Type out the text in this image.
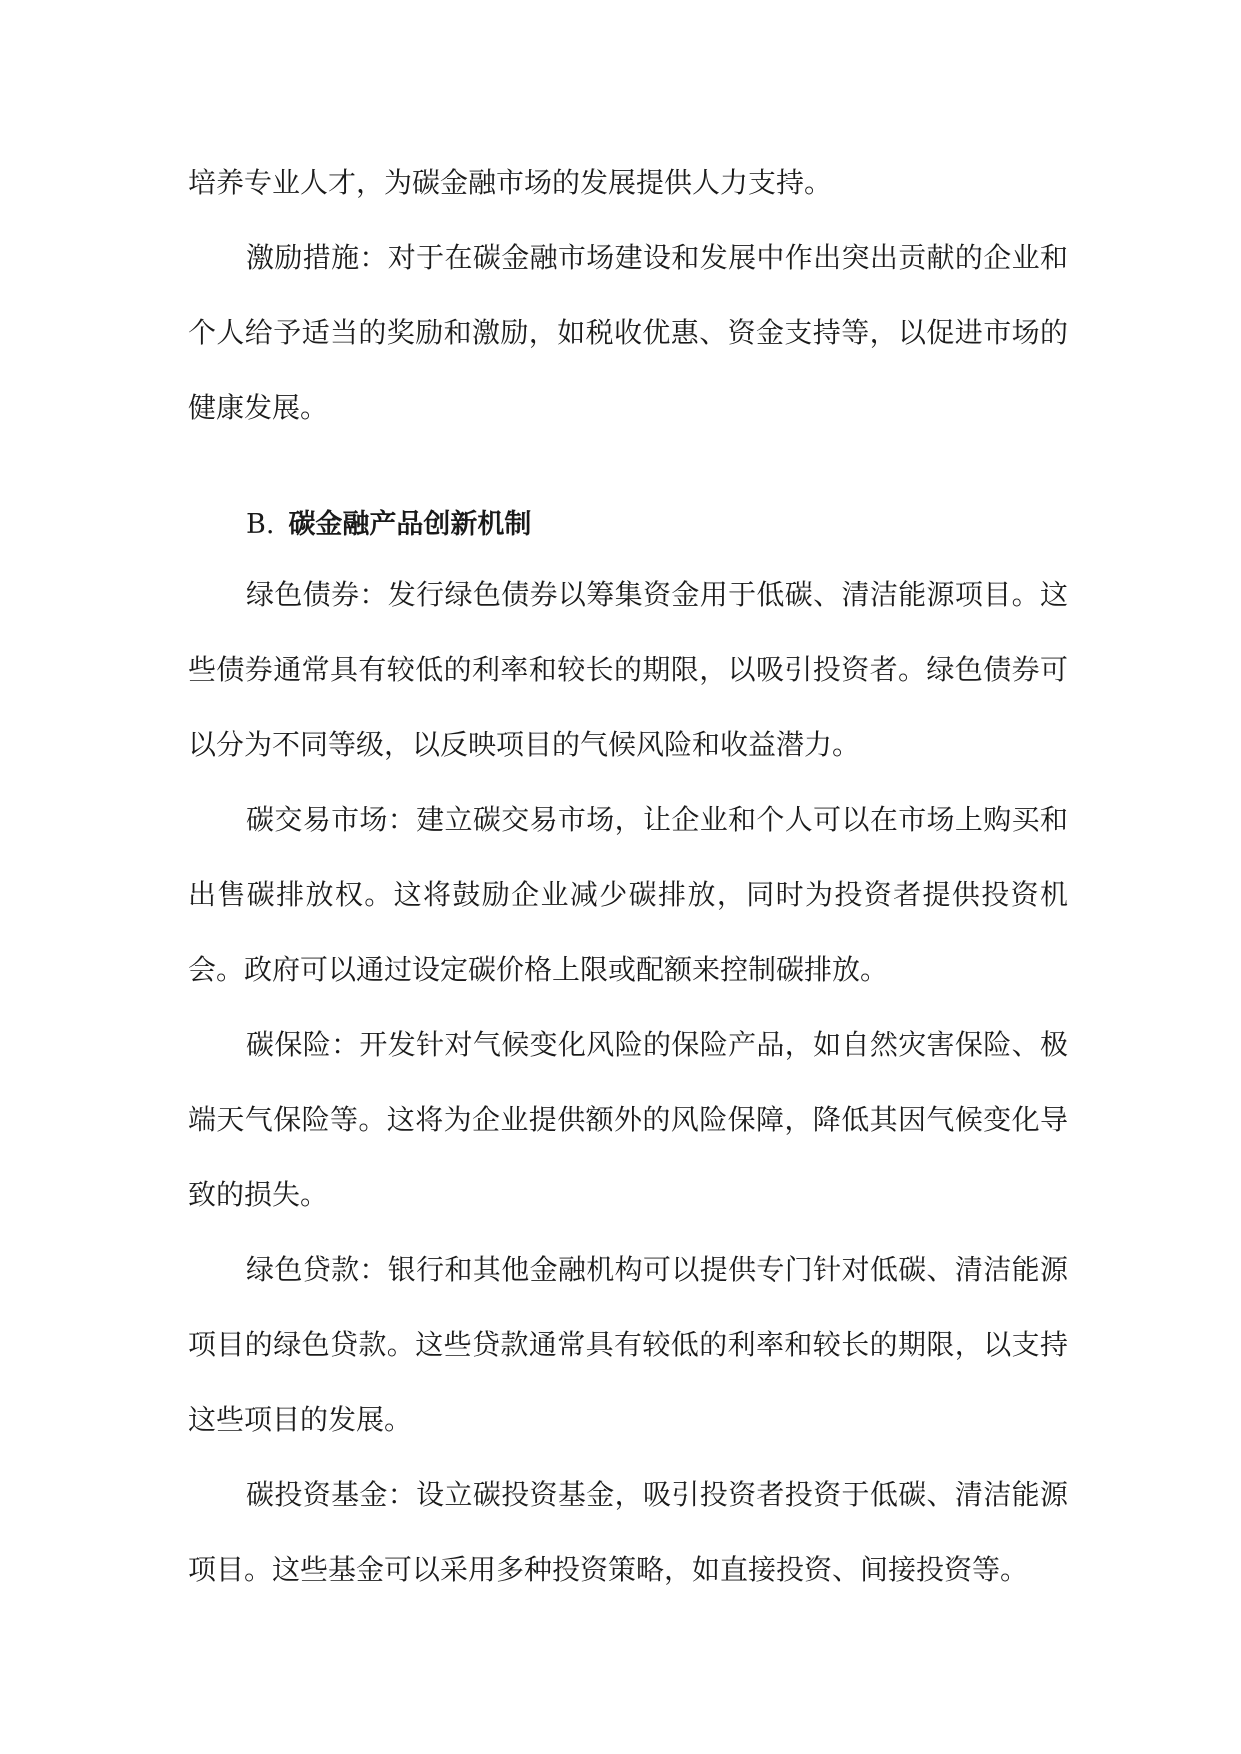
培养专业人才，为碳金融市场的发展提供人力支持。

激励措施：对于在碳金融市场建设和发展中作出突出贡献的企业和个人给予适当的奖励和激励，如税收优惠、资金支持等，以促进市场的健康发展。

B. 碳金融产品创新机制

绿色债券：发行绿色债券以筹集资金用于低碳、清洁能源项目。这些债券通常具有较低的利率和较长的期限，以吸引投资者。绿色债券可以分为不同等级，以反映项目的气候风险和收益潜力。

碳交易市场：建立碳交易市场，让企业和个人可以在市场上购买和出售碳排放权。这将鼓励企业减少碳排放，同时为投资者提供投资机会。政府可以通过设定碳价格上限或配额来控制碳排放。

碳保险：开发针对气候变化风险的保险产品，如自然灾害保险、极端天气保险等。这将为企业提供额外的风险保障，降低其因气候变化导致的损失。

绿色贷款：银行和其他金融机构可以提供专门针对低碳、清洁能源项目的绿色贷款。这些贷款通常具有较低的利率和较长的期限，以支持这些项目的发展。

碳投资基金：设立碳投资基金，吸引投资者投资于低碳、清洁能源项目。这些基金可以采用多种投资策略，如直接投资、间接投资等。
